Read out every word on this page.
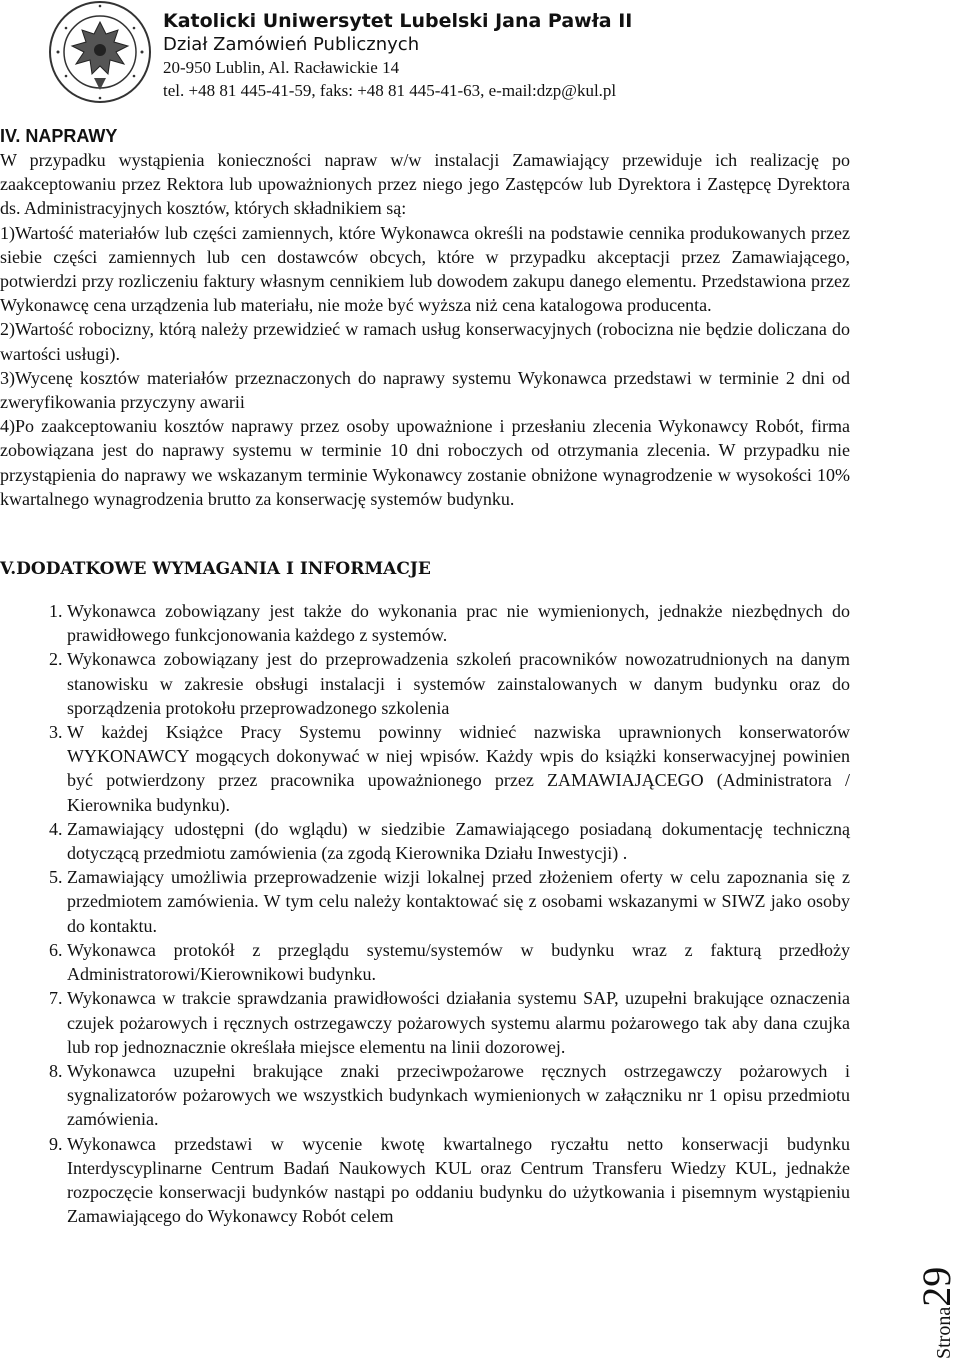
Katolicki Uniwersytet Lubelski Jana Pawła II
Dział Zamówień Publicznych
20-950 Lublin, Al. Racławickie 14
tel. +48 81 445-41-59, faks: +48 81 445-41-63, e-mail:dzp@kul.pl
IV. NAPRAWY

W przypadku wystąpienia konieczności napraw w/w instalacji Zamawiający przewiduje ich realizację po zaakceptowaniu przez Rektora lub upoważnionych przez niego jego Zastępców lub Dyrektora i Zastępcę Dyrektora ds. Administracyjnych kosztów, których składnikiem są:

1)Wartość materiałów lub części zamiennych, które Wykonawca określi na podstawie cennika produkowanych przez siebie części zamiennych lub cen dostawców obcych, które w przypadku akceptacji przez Zamawiającego, potwierdzi przy rozliczeniu faktury własnym cennikiem lub dowodem zakupu danego elementu. Przedstawiona przez Wykonawcę cena urządzenia lub materiału, nie może być wyższa niż cena katalogowa producenta.

2)Wartość robocizny, którą należy przewidzieć w ramach usług konserwacyjnych (robocizna nie będzie doliczana do wartości usługi).

3)Wycenę kosztów materiałów przeznaczonych do naprawy systemu Wykonawca przedstawi w terminie 2 dni od zweryfikowania przyczyny awarii

4)Po zaakceptowaniu kosztów naprawy przez osoby upoważnione i przesłaniu zlecenia Wykonawcy Robót, firma zobowiązana jest do naprawy systemu w terminie 10 dni roboczych od otrzymania zlecenia. W przypadku nie przystąpienia do naprawy we wskazanym terminie Wykonawcy zostanie obniżone wynagrodzenie w wysokości 10% kwartalnego wynagrodzenia brutto za konserwację systemów budynku.

V.DODATKOWE WYMAGANIA I INFORMACJE
1. Wykonawca zobowiązany jest także do wykonania prac nie wymienionych, jednakże niezbędnych do prawidłowego funkcjonowania każdego z systemów.
2. Wykonawca zobowiązany jest do przeprowadzenia szkoleń pracowników nowozatrudnionych na danym stanowisku w zakresie obsługi instalacji i systemów zainstalowanych w danym budynku oraz do sporządzenia protokołu przeprowadzonego szkolenia
3. W każdej Książce Pracy Systemu powinny widnieć nazwiska uprawnionych konserwatorów WYKONAWCY mogących dokonywać w niej wpisów. Każdy wpis do książki konserwacyjnej powinien być potwierdzony przez pracownika upoważnionego przez ZAMAWIAJĄCEGO (Administratora / Kierownika budynku).
4. Zamawiający udostępni (do wglądu) w siedzibie Zamawiającego posiadaną dokumentację techniczną dotyczącą przedmiotu zamówienia (za zgodą Kierownika Działu Inwestycji) .
5. Zamawiający umożliwia przeprowadzenie wizji lokalnej przed złożeniem oferty w celu zapoznania się z przedmiotem zamówienia. W tym celu należy kontaktować się z osobami wskazanymi w SIWZ jako osoby do kontaktu.
6. Wykonawca protokół z przeglądu systemu/systemów w budynku wraz z fakturą przedłoży Administratorowi/Kierownikowi budynku.
7. Wykonawca w trakcie sprawdzania prawidłowości działania systemu SAP, uzupełni brakujące oznaczenia czujek pożarowych i ręcznych ostrzegawczy pożarowych systemu alarmu pożarowego tak aby dana czujka lub rop jednoznacznie określała miejsce elementu na linii dozorowej.
8. Wykonawca uzupełni brakujące znaki przeciwpożarowe ręcznych ostrzegawczy pożarowych i sygnalizatorów pożarowych we wszystkich budynkach wymienionych w załączniku nr 1 opisu przedmiotu zamówienia.
9. Wykonawca przedstawi w wycenie kwotę kwartalnego ryczałtu netto konserwacji budynku Interdyscyplinarne Centrum Badań Naukowych KUL oraz Centrum Transferu Wiedzy KUL, jednakże rozpoczęcie konserwacji budynków nastąpi po oddaniu budynku do użytkowania i pisemnym wystąpieniu Zamawiającego do Wykonawcy Robót celem
Strona
29
